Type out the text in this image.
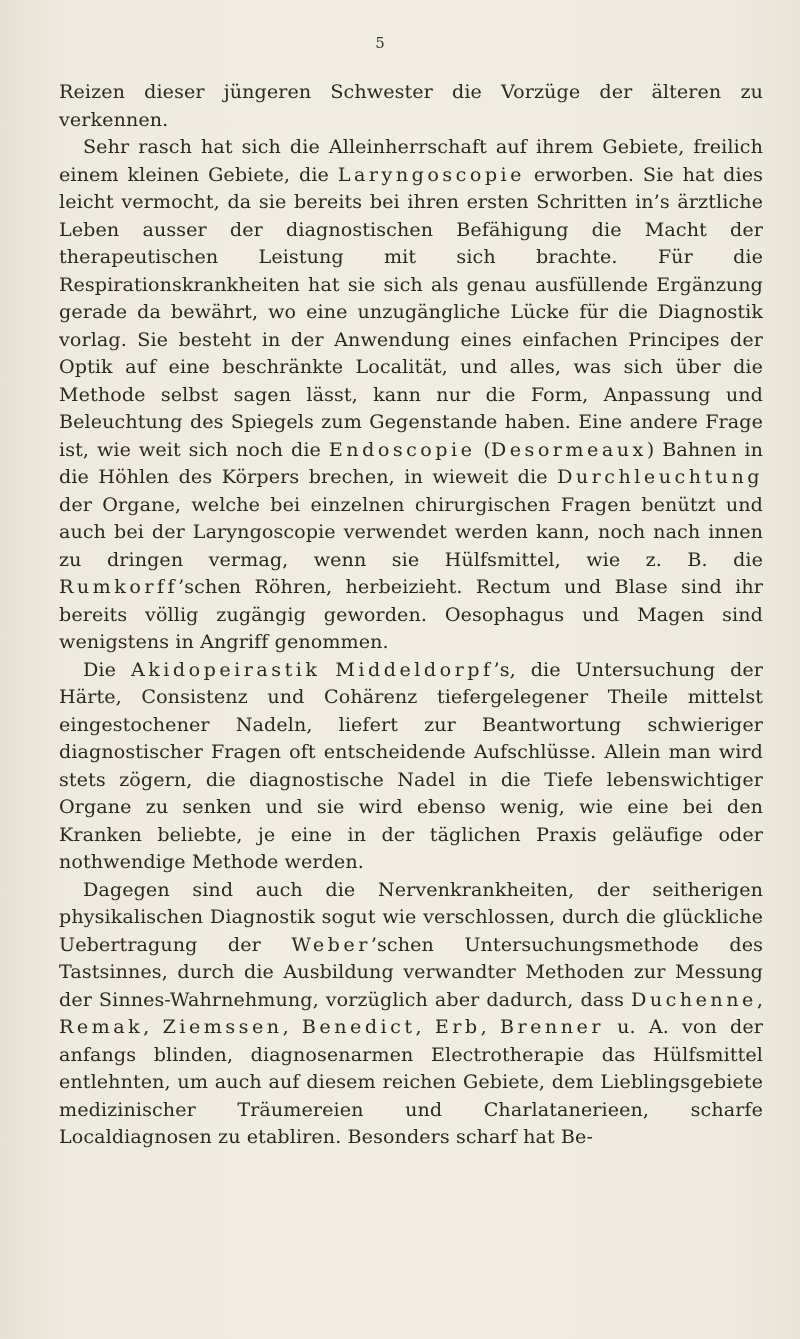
5

Reizen dieser jüngeren Schwester die Vorzüge der älteren zu verkennen.

Sehr rasch hat sich die Alleinherrschaft auf ihrem Gebiete, freilich einem kleinen Gebiete, die Laryngoscopie erworben. Sie hat dies leicht vermocht, da sie bereits bei ihren ersten Schritten in’s ärztliche Leben ausser der diagnostischen Befähigung die Macht der therapeutischen Leistung mit sich brachte. Für die Respirationskrankheiten hat sie sich als genau ausfüllende Ergänzung gerade da bewährt, wo eine unzugängliche Lücke für die Diagnostik vorlag. Sie besteht in der Anwendung eines einfachen Principes der Optik auf eine beschränkte Localität, und alles, was sich über die Methode selbst sagen lässt, kann nur die Form, Anpassung und Beleuchtung des Spiegels zum Gegenstande haben. Eine andere Frage ist, wie weit sich noch die Endoscopie (Desormeaux) Bahnen in die Höhlen des Körpers brechen, in wieweit die Durchleuchtung der Organe, welche bei einzelnen chirurgischen Fragen benützt und auch bei der Laryngoscopie verwendet werden kann, noch nach innen zu dringen vermag, wenn sie Hülfsmittel, wie z. B. die Rumkorff’schen Röhren, herbeizieht. Rectum und Blase sind ihr bereits völlig zugängig geworden. Oesophagus und Magen sind wenigstens in Angriff genommen.

Die Akidopeirastik Middeldorpf’s, die Untersuchung der Härte, Consistenz und Cohärenz tiefergelegener Theile mittelst eingestochener Nadeln, liefert zur Beantwortung schwieriger diagnostischer Fragen oft entscheidende Aufschlüsse. Allein man wird stets zögern, die diagnostische Nadel in die Tiefe lebenswichtiger Organe zu senken und sie wird ebenso wenig, wie eine bei den Kranken beliebte, je eine in der täglichen Praxis geläufige oder nothwendige Methode werden.

Dagegen sind auch die Nervenkrankheiten, der seitherigen physikalischen Diagnostik sogut wie verschlossen, durch die glückliche Uebertragung der Weber’schen Untersuchungsmethode des Tastsinnes, durch die Ausbildung verwandter Methoden zur Messung der Sinnes-Wahrnehmung, vorzüglich aber dadurch, dass Duchenne, Remak, Ziemssen, Benedict, Erb, Brenner u. A. von der anfangs blinden, diagnosenarmen Electrotherapie das Hülfsmittel entlehnten, um auch auf diesem reichen Gebiete, dem Lieblingsgebiete medizinischer Träumereien und Charlatanerieen, scharfe Localdiagnosen zu etabliren. Besonders scharf hat Be-
